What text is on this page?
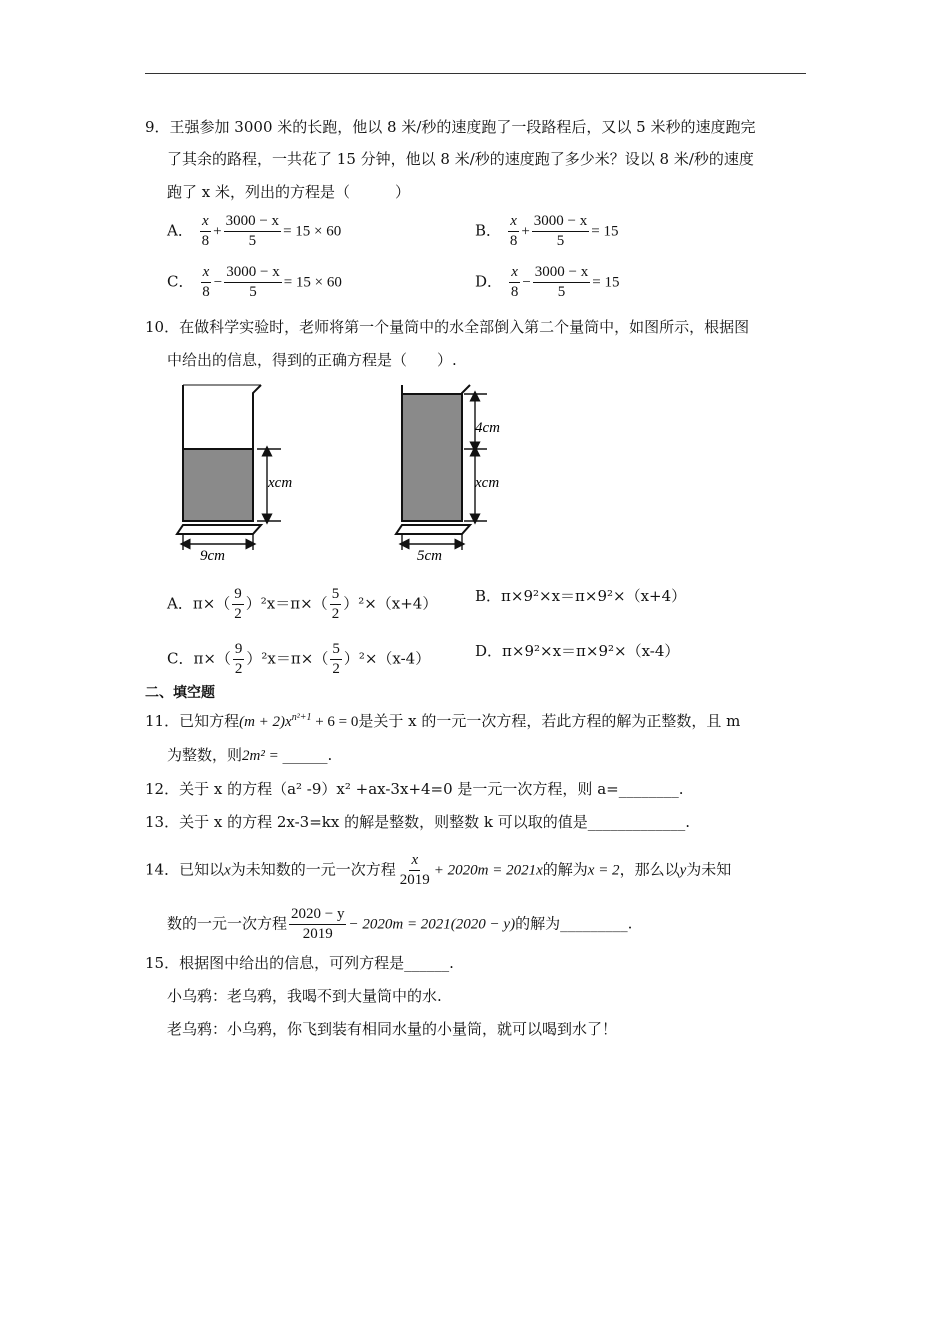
9．王强参加 3000 米的长跑，他以 8 米/秒的速度跑了一段路程后，又以 5 米秒的速度跑完
了其余的路程，一共花了 15 分钟，他以 8 米/秒的速度跑了多少米？设以 8 米/秒的速度
跑了 x 米，列出的方程是（　　　）
A． $\frac{x}{8} + \frac{3000 - x}{5} = 15 \times 60$	B． $\frac{x}{8} + \frac{3000 - x}{5} = 15$
C． $\frac{x}{8} - \frac{3000 - x}{5} = 15 \times 60$	D． $\frac{x}{8} - \frac{3000 - x}{5} = 15$
10．在做科学实验时，老师将第一个量筒中的水全部倒入第二个量筒中，如图所示，根据图
中给出的信息，得到的正确方程是（　　）.
xcm
9cm
4cm
xcm
5cm
A．$\pi\times( \frac{9}{2} )^2x=\pi\times( \frac{5}{2} )^2\times(x+4)$	B．π×9²×x＝π×9²×（x+4）
C．$\pi\times( \frac{9}{2} )^2x=\pi\times( \frac{5}{2} )^2\times(x-4)$	D．π×9²×x＝π×9²×（x-4）
二、填空题
11．已知方程$(m + 2)x^{n^2+1} + 6 = 0$是关于 x 的一元一次方程，若此方程的解为正整数，且 m
为整数，则2m² = ______.
12．关于 x 的方程（a² -9）x² +ax-3x+4=0 是一元一次方程，则 a=________.
13．关于 x 的方程 2x-3=kx 的解是整数，则整数 k 可以取的值是_____________.
14．已知以x为未知数的一元一次方程 $\frac{x}{2019} + 2020m = 2021x$的解为x = 2，那么以y为未知
数的一元一次方程 $\frac{2020 - y}{2019} - 2020m = 2021(2020 - y)$的解为_________.
15．根据图中给出的信息，可列方程是______.
小乌鸦：老乌鸦，我喝不到大量筒中的水.
老乌鸦：小乌鸦，你飞到装有相同水量的小量筒，就可以喝到水了！
